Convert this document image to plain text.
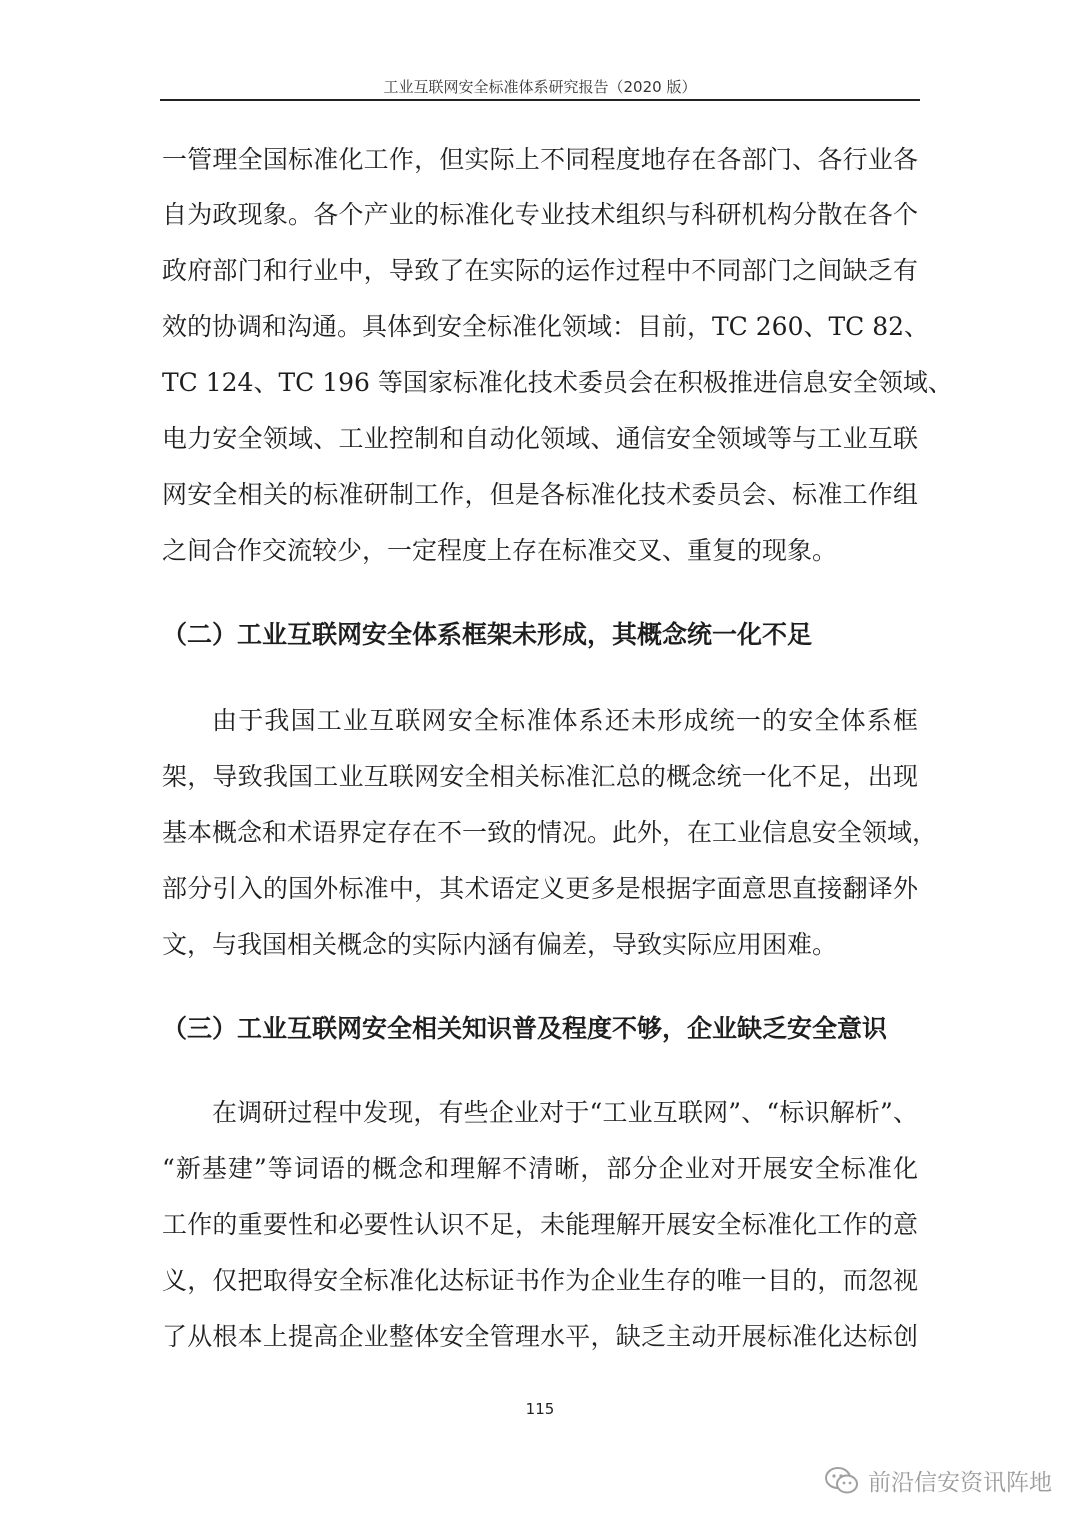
工业互联网安全标准体系研究报告（2020 版）
一管理全国标准化工作，但实际上不同程度地存在各部门、各行业各
自为政现象。各个产业的标准化专业技术组织与科研机构分散在各个
政府部门和行业中，导致了在实际的运作过程中不同部门之间缺乏有
效的协调和沟通。具体到安全标准化领域：目前，TC 260、TC 82、
TC 124、TC 196 等国家标准化技术委员会在积极推进信息安全领域、
电力安全领域、工业控制和自动化领域、通信安全领域等与工业互联
网安全相关的标准研制工作，但是各标准化技术委员会、标准工作组
之间合作交流较少，一定程度上存在标准交叉、重复的现象。
（二）工业互联网安全体系框架未形成，其概念统一化不足
由于我国工业互联网安全标准体系还未形成统一的安全体系框
架，导致我国工业互联网安全相关标准汇总的概念统一化不足，出现
基本概念和术语界定存在不一致的情况。此外，在工业信息安全领域，
部分引入的国外标准中，其术语定义更多是根据字面意思直接翻译外
文，与我国相关概念的实际内涵有偏差，导致实际应用困难。
（三）工业互联网安全相关知识普及程度不够，企业缺乏安全意识
在调研过程中发现，有些企业对于“工业互联网”、“标识解析”、
“新基建”等词语的概念和理解不清晰，部分企业对开展安全标准化
工作的重要性和必要性认识不足，未能理解开展安全标准化工作的意
义，仅把取得安全标准化达标证书作为企业生存的唯一目的，而忽视
了从根本上提高企业整体安全管理水平，缺乏主动开展标准化达标创
115
前沿信安资讯阵地
